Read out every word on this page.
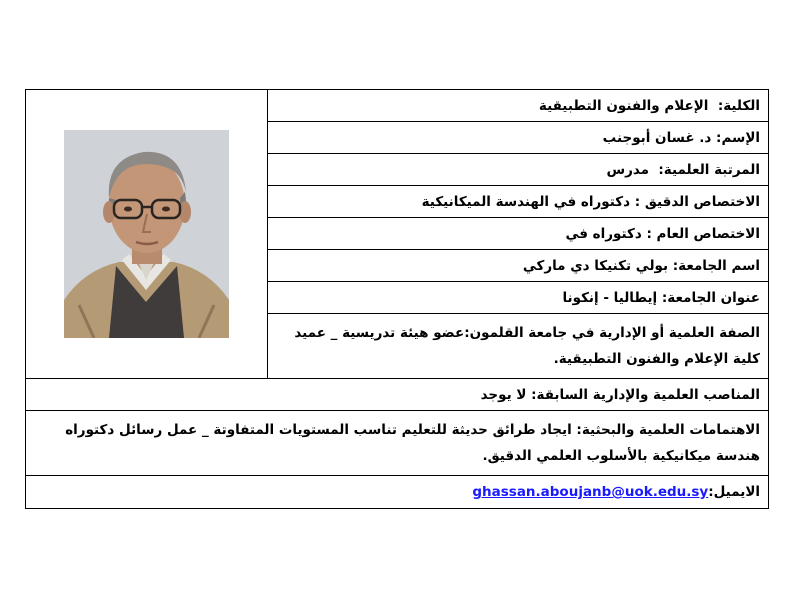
الكلية:  الإعلام والفنون التطبيقية
الإسم: د. غسان أبوجنب
المرتبة العلمية:  مدرس
الاختصاص الدقيق : دكتوراه في الهندسة الميكانيكية
الاختصاص العام : دكتوراه في
اسم الجامعة: بولي تكنيكا دي ماركي
عنوان الجامعة: إيطاليا - إنكونا
الصفة العلمية أو الإدارية في جامعة القلمون:عضو هيئة تدريسية _ عميد كلية الإعلام والفنون التطبيقية.
المناصب العلمية والإدارية السابقة: لا يوجد
الاهتمامات العلمية والبحثية: ايجاد طرائق حديثة للتعليم تناسب المستويات المتفاوتة _ عمل رسائل دكتوراه هندسة ميكانيكية بالأسلوب العلمي الدقيق.
الايميل:
ghassan.aboujanb@uok.edu.sy
